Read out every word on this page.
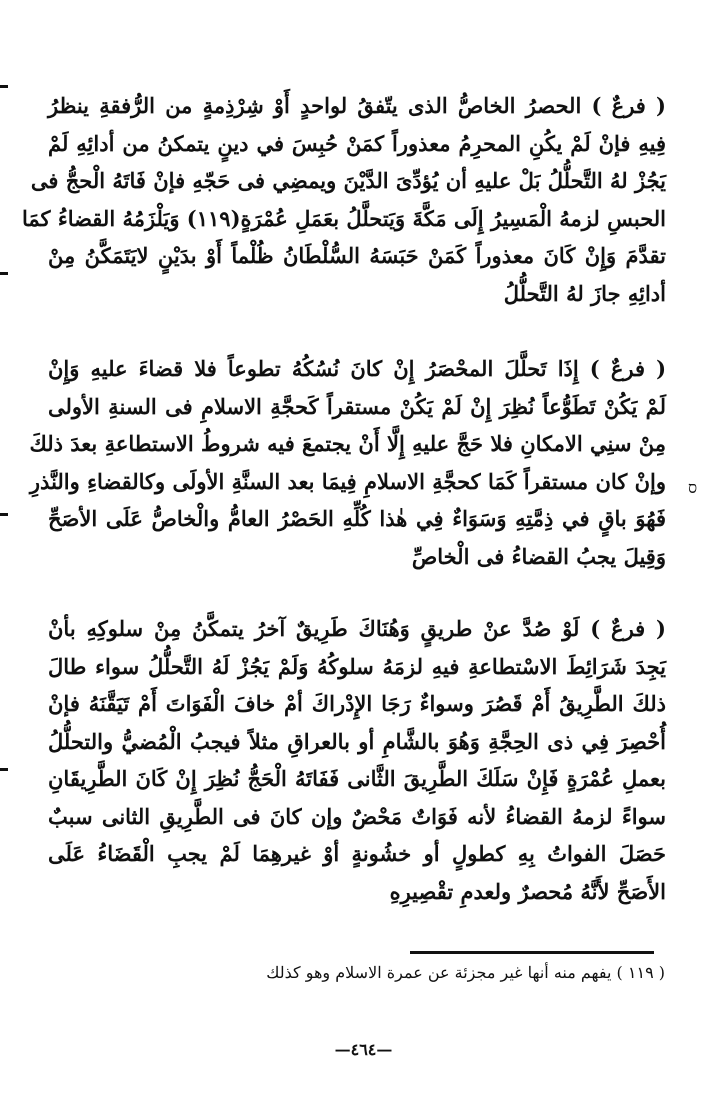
( فرعٌ ) الحصرُ الخاصُّ الذى يتّفقُ لواحدٍ أَوْ شِرْذِمةٍ من الرُّفقةِ ينظرُ
فِيهِ فإنْ لَمْ يكُنِ المحرِمُ معذوراً كمَنْ حُبِسَ في دينٍ يتمكنُ من أدائِهِ لَمْ
يَجُزْ لهُ التَّحلُّلُ بَلْ عليهِ أن يُؤدِّىَ الدَّيْنَ ويمضِي فى حَجّهِ فإنْ فَاتَهُ الْحجُّ فى
الحبسِ لزمهُ الْمَسِيرُ إِلَى مَكَّةَ وَيَتحلَّلُ بعَمَلِ عُمْرَةٍ(١١٩) وَيَلْزَمُهُ القضاءُ كمَا
تقدَّمَ وَإِنْ كَانَ معذوراً كَمَنْ حَبَسَهُ السُّلْطَانُ ظُلْماً أَوْ بدَيْنٍ لايَتَمَكَّنُ مِنْ
أدائِهِ جازَ لهُ التَّحلُّلُ
( فرعٌ ) إِذَا تَحلَّلَ المحْصَرُ إِنْ كانَ نُسُكُهُ تطوعاً فلا قضاءَ عليهِ وَإِنْ
لَمْ يَكُنْ تَطَوُّعاً نُظِرَ إِنْ لَمْ يَكُنْ مستقراً كَحجَّةِ الاسلامِ فى السنةِ الأولى
مِنْ سنِي الامكانِ فلا حَجَّ عليهِ إِلَّا أَنْ يجتمعَ فيه شروطُ الاستطاعةِ بعدَ ذلكَ
وإنْ كان مستقراً كَمَا كحجَّةِ الاسلامِ فِيمَا بعد السنَّةِ الأولَى وكالقضاءِ والنَّذرِ
فَهُوَ باقٍ في ذِمَّتِهِ وَسَوَاءٌ فِي هٰذا كُلِّهِ الحَصْرُ العامُّ والْخاصُّ عَلَى الأصَحِّ
وَقِيلَ يجبُ القضاءُ فى الْخاصِّ
ס
( فرعٌ ) لَوْ صُدَّ عنْ طريقٍ وَهُنَاكَ طَرِيقٌ آخرُ يتمكَّنُ مِنْ سلوكِهِ بأنْ
يَجِدَ شَرَائِطَ الاسْتطاعةِ فيهِ لزمَهُ سلوكُهُ وَلَمْ يَجُزْ لَهُ التَّحلُّلُ سواء طالَ
ذلكَ الطَّرِيقُ أَمْ قَصُرَ وسواءٌ رَجَا الإِدْراكَ أمْ خافَ الْفَوَاتَ أَمْ تَيَقَّنَهُ فإنْ
أُحْصِرَ فِي ذى الحِجَّةِ وَهُوَ بالشَّامِ أو بالعراقِ مثلاً فيجبُ الْمُضيُّ والتحلُّلُ
بعملِ عُمْرَةٍ فَإِنْ سَلَكَ الطَّرِيقَ الثَّانى فَفَاتَهُ الْحَجُّ نُظِرَ إِنْ كَانَ الطَّرِيقَانِ
سواءً لزمهُ القضاءُ لأنه فَوَاتٌ مَحْضٌ وإن كانَ فى الطَّرِيقِ الثانى سببٌ
حَصَلَ الفواتُ بِهِ كطولٍ أو خشُونةٍ أوْ غيرهِمَا لَمْ يجبِ الْقَضَاءُ عَلَى
الأَصَحِّ لأَنَّهُ مُحصرٌ ولعدمِ تقْصِيرِهِ
( ١١٩ ) يفهم منه أنها غير مجزئة عن عمرة الاسلام وهو كذلك
—٤٦٤—
